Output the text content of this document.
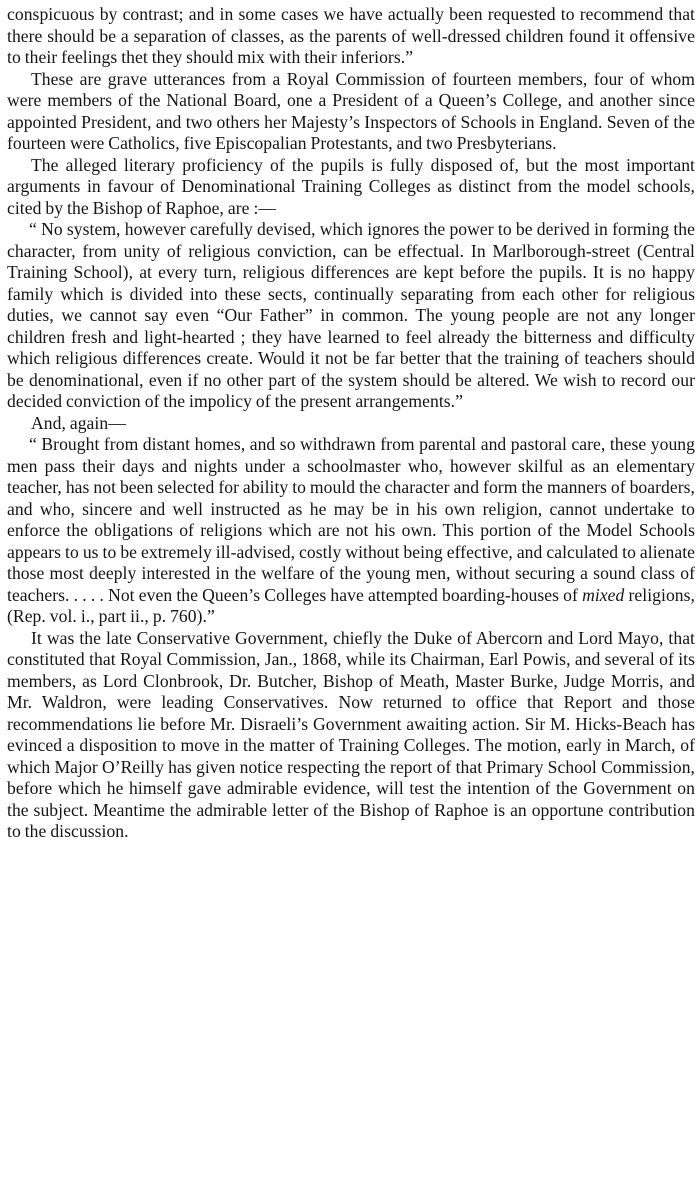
conspicuous by contrast; and in some cases we have actually been requested to recommend that there should be a separation of classes, as the parents of well-dressed children found it offensive to their feelings thet they should mix with their inferiors.”

These are grave utterances from a Royal Commission of fourteen members, four of whom were members of the National Board, one a President of a Queen’s College, and another since appointed President, and two others her Majesty’s Inspectors of Schools in England. Seven of the fourteen were Catholics, five Episcopalian Protestants, and two Presbyterians.

The alleged literary proficiency of the pupils is fully disposed of, but the most important arguments in favour of Denominational Training Colleges as distinct from the model schools, cited by the Bishop of Raphoe, are :—

“ No system, however carefully devised, which ignores the power to be derived in forming the character, from unity of religious conviction, can be effectual. In Marlborough-street (Central Training School), at every turn, religious differences are kept before the pupils. It is no happy family which is divided into these sects, continually separating from each other for religious duties, we cannot say even “Our Father” in common. The young people are not any longer children fresh and light-hearted ; they have learned to feel already the bitterness and difficulty which religious differences create. Would it not be far better that the training of teachers should be denominational, even if no other part of the system should be altered. We wish to record our decided conviction of the impolicy of the present arrangements.”

And, again—

“ Brought from distant homes, and so withdrawn from parental and pastoral care, these young men pass their days and nights under a schoolmaster who, however skilful as an elementary teacher, has not been selected for ability to mould the character and form the manners of boarders, and who, sincere and well instructed as he may be in his own religion, cannot undertake to enforce the obligations of religions which are not his own. This portion of the Model Schools appears to us to be extremely ill-advised, costly without being effective, and calculated to alienate those most deeply interested in the welfare of the young men, without securing a sound class of teachers. . . . . Not even the Queen’s Colleges have attempted boarding-houses of mixed religions, (Rep. vol. i., part ii., p. 760).”

It was the late Conservative Government, chiefly the Duke of Abercorn and Lord Mayo, that constituted that Royal Commission, Jan., 1868, while its Chairman, Earl Powis, and several of its members, as Lord Clonbrook, Dr. Butcher, Bishop of Meath, Master Burke, Judge Morris, and Mr. Waldron, were leading Conservatives. Now returned to office that Report and those recommendations lie before Mr. Disraeli’s Government awaiting action. Sir M. Hicks-Beach has evinced a disposition to move in the matter of Training Colleges. The motion, early in March, of which Major O’Reilly has given notice respecting the report of that Primary School Commission, before which he himself gave admirable evidence, will test the intention of the Government on the subject. Meantime the admirable letter of the Bishop of Raphoe is an opportune contribution to the discussion.
